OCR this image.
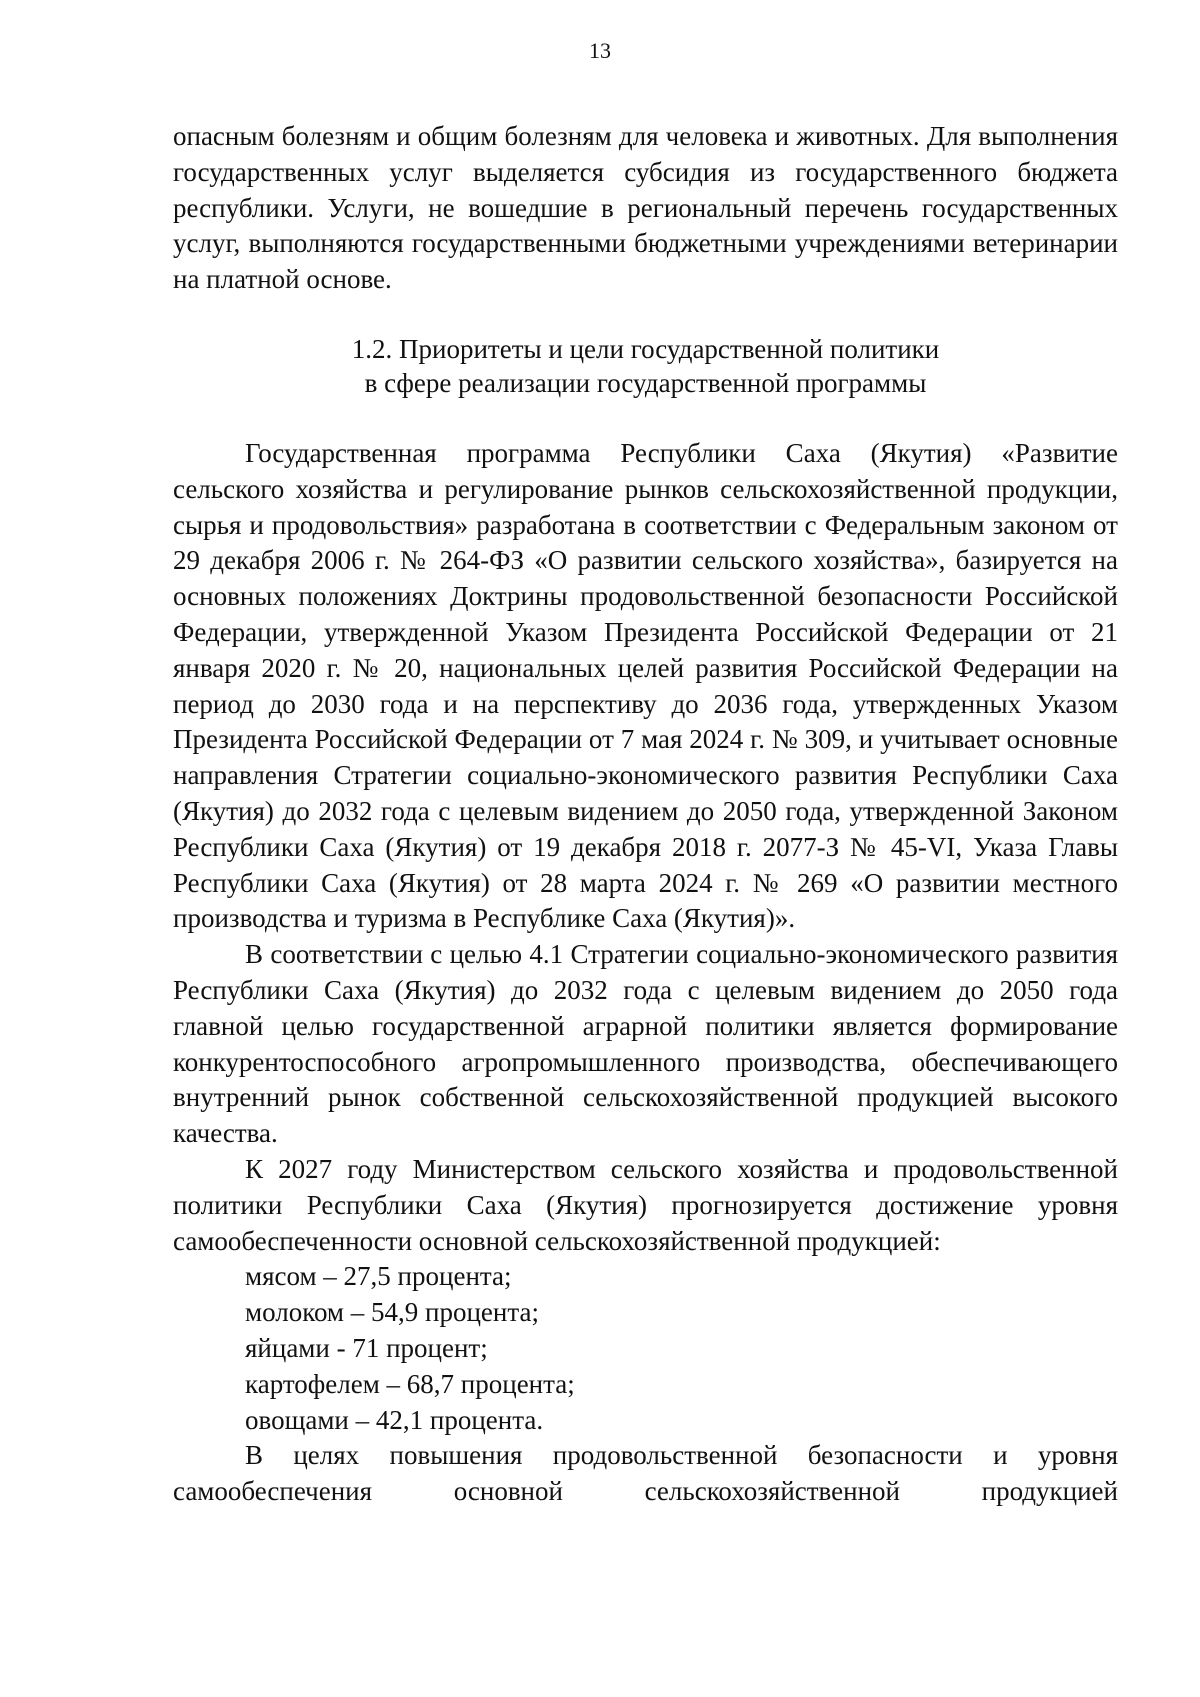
13

опасным болезням и общим болезням для человека и животных. Для выполнения государственных услуг выделяется субсидия из государственного бюджета республики. Услуги, не вошедшие в региональный перечень государственных услуг, выполняются государственными бюджетными учреждениями ветеринарии на платной основе.

1.2. Приоритеты и цели государственной политики
в сфере реализации государственной программы

Государственная программа Республики Саха (Якутия) «Развитие сельского хозяйства и регулирование рынков сельскохозяйственной продукции, сырья и продовольствия» разработана в соответствии с Федеральным законом от 29 декабря 2006 г. № 264-ФЗ «О развитии сельского хозяйства», базируется на основных положениях Доктрины продовольственной безопасности Российской Федерации, утвержденной Указом Президента Российской Федерации от 21 января 2020 г. № 20, национальных целей развития Российской Федерации на период до 2030 года и на перспективу до 2036 года, утвержденных Указом Президента Российской Федерации от 7 мая 2024 г. № 309, и учитывает основные направления Стратегии социально-экономического развития Республики Саха (Якутия) до 2032 года с целевым видением до 2050 года, утвержденной Законом Республики Саха (Якутия) от 19 декабря 2018 г. 2077-З № 45-VI, Указа Главы Республики Саха (Якутия) от 28 марта 2024 г. № 269 «О развитии местного производства и туризма в Республике Саха (Якутия)».

В соответствии с целью 4.1 Стратегии социально-экономического развития Республики Саха (Якутия) до 2032 года с целевым видением до 2050 года главной целью государственной аграрной политики является формирование конкурентоспособного агропромышленного производства, обеспечивающего внутренний рынок собственной сельскохозяйственной продукцией высокого качества.

К 2027 году Министерством сельского хозяйства и продовольственной политики Республики Саха (Якутия) прогнозируется достижение уровня самообеспеченности основной сельскохозяйственной продукцией:

мясом – 27,5 процента;
молоком – 54,9 процента;
яйцами - 71 процент;
картофелем – 68,7 процента;
овощами – 42,1 процента.

В целях повышения продовольственной безопасности и уровня самообеспечения основной сельскохозяйственной продукцией
